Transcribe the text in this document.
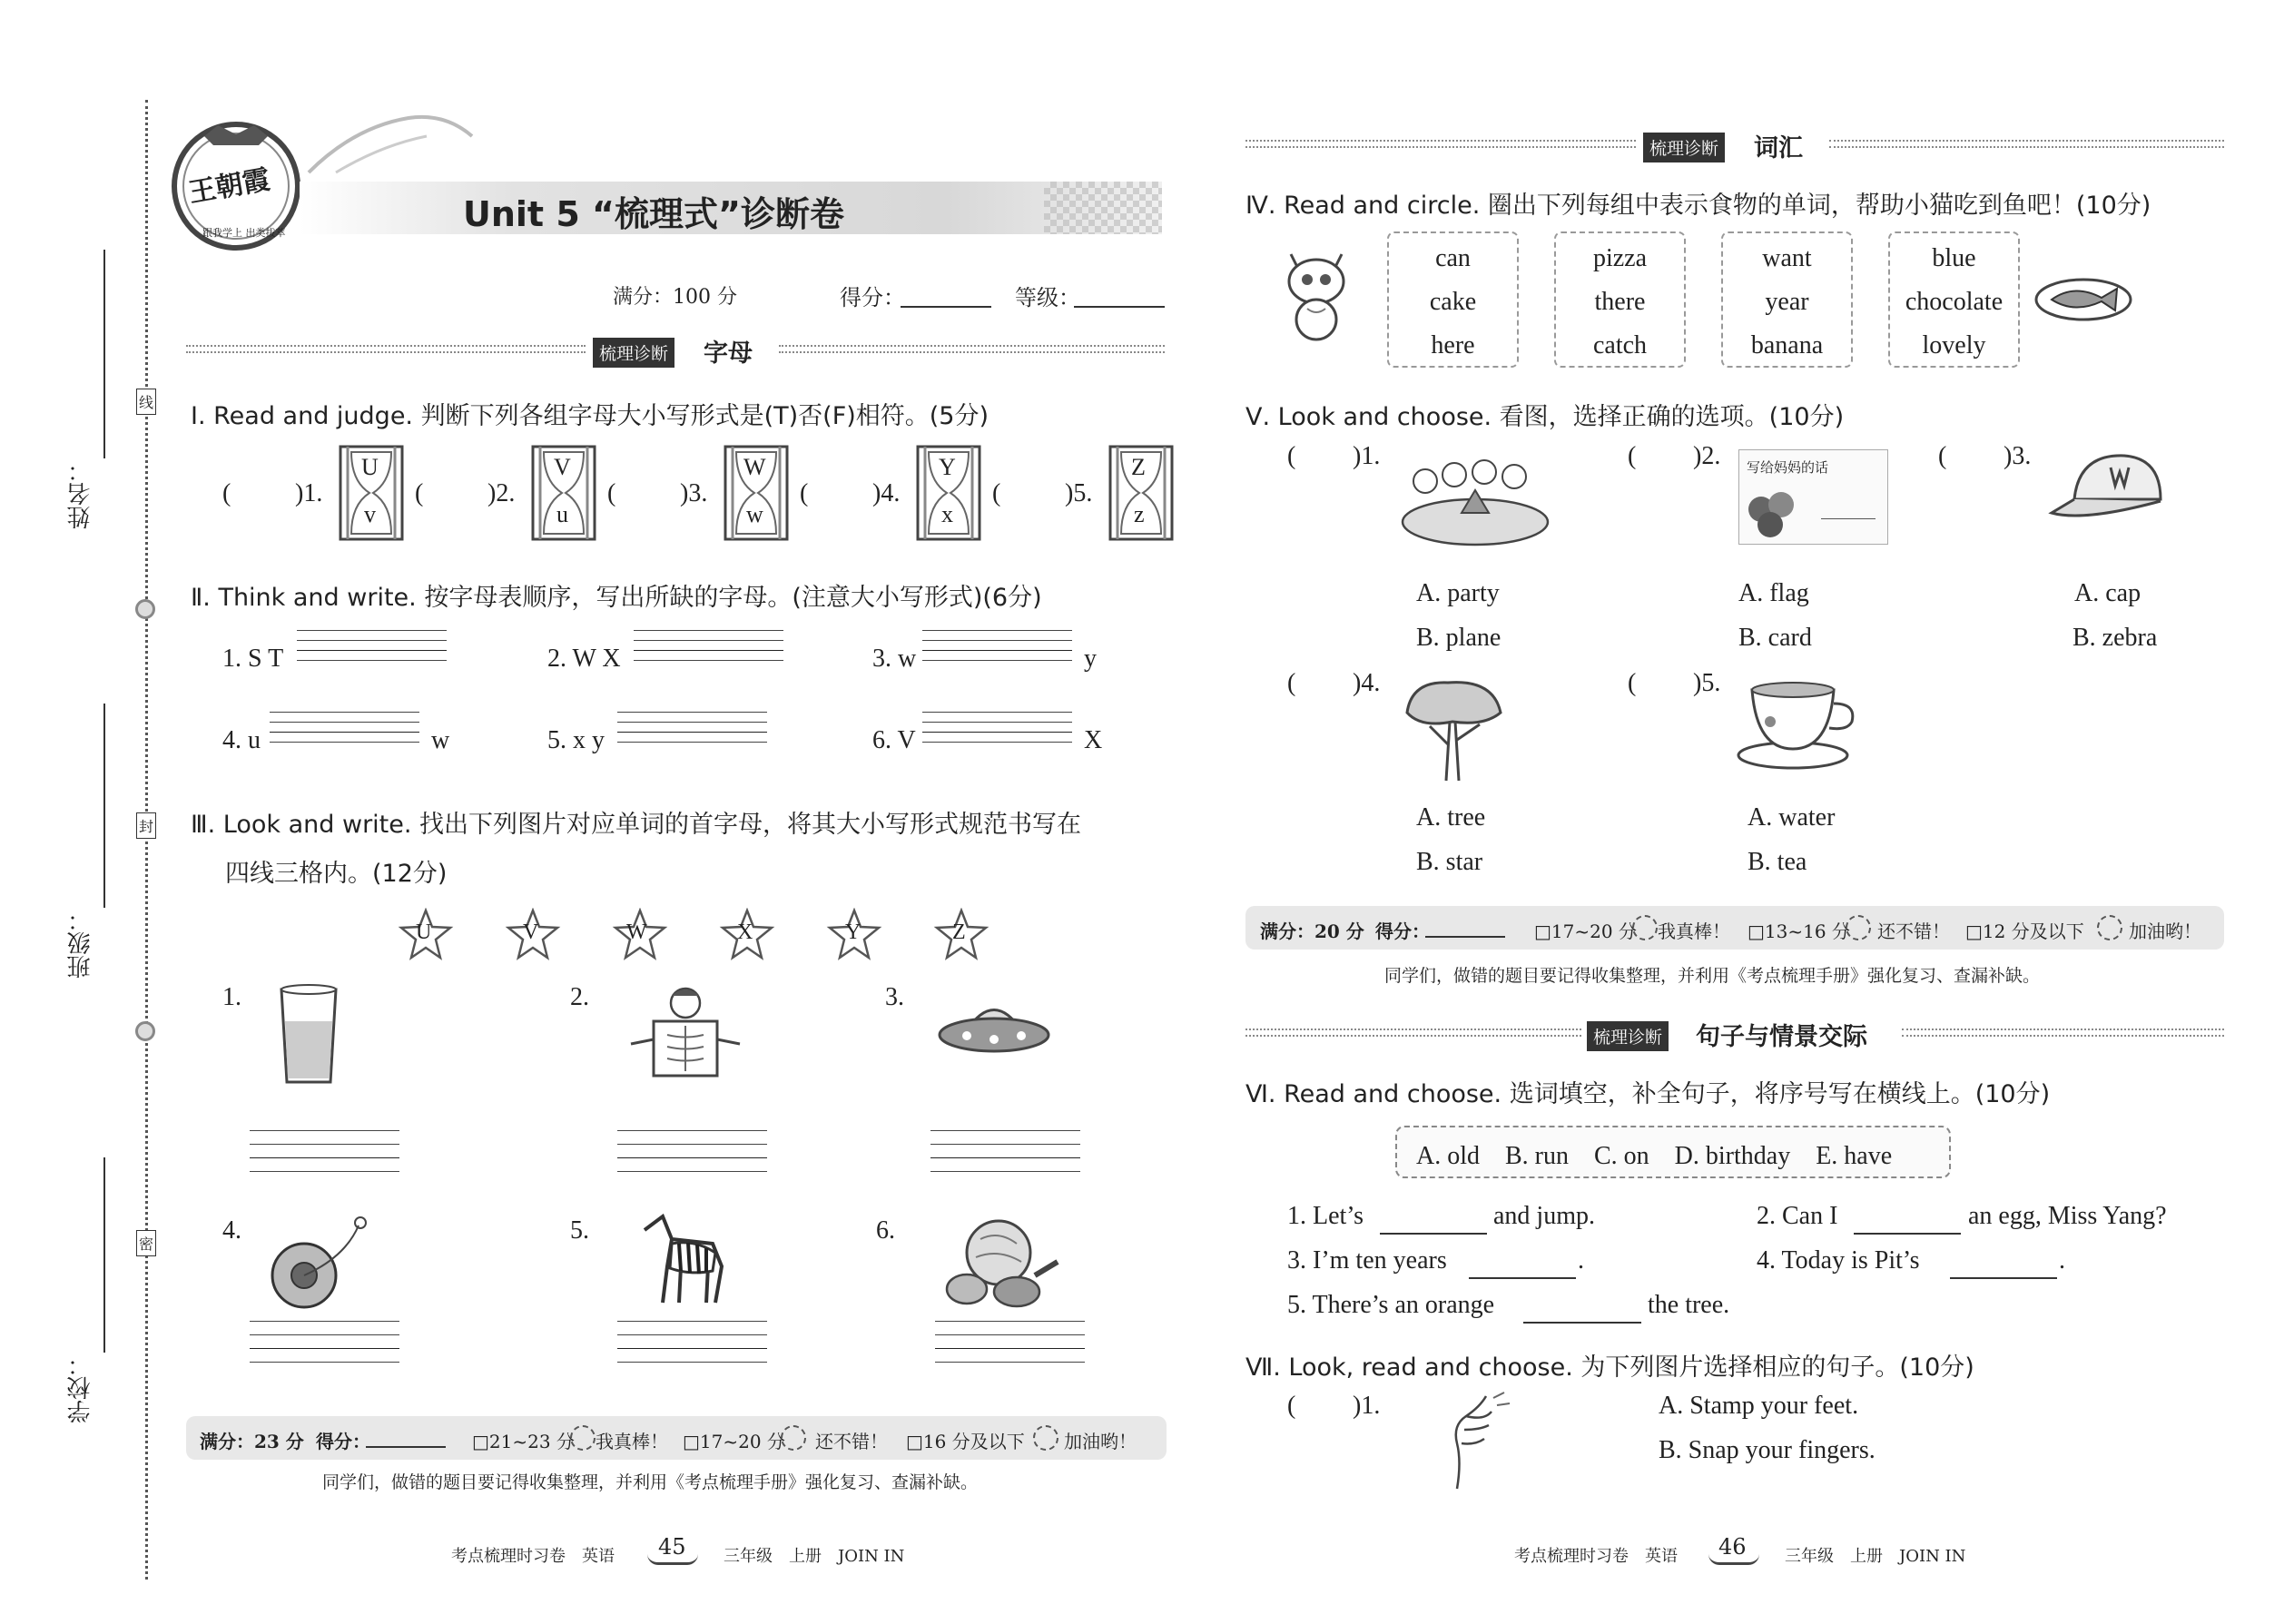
姓名：
班级：
学校：
线
封
密
王朝霞
跟我学上 出类拔萃	Unit 5 “梳理式”诊断卷
满分：100 分	得分：	等级：
梳理诊断 字母
Ⅰ. Read and judge. 判断下列各组字母大小写形式是(T)否(F)相符。(5分)
(	)1.
U
v
(	)2.
V
u
(	)3.
W
w
(	)4.
Y
x
(	)5.
Z
z
Ⅱ. Think and write. 按字母表顺序，写出所缺的字母。(注意大小写形式)(6分)
1. S T	2. W X	3. w	y
4. u	w	5. x y	6. V	X
Ⅲ. Look and write. 找出下列图片对应单词的首字母，将其大小写形式规范书写在
四线三格内。(12分)
U	V	W	X	Y	Z
1.	2.	3.
4.	5.	6.
满分：23 分 得分：	□21~23 分 我真棒！ □17~20 分 还不错！ □16 分及以下 加油哟！
同学们，做错的题目要记得收集整理，并利用《考点梳理手册》强化复习、查漏补缺。
考点梳理时习卷　英语 45 三年级　上册　JOIN IN
梳理诊断 词汇
Ⅳ. Read and circle. 圈出下列每组中表示食物的单词，帮助小猫吃到鱼吧！(10分)
can
cake
here
pizza
there
catch
want
year
banana
blue
chocolate
lovely
Ⅴ. Look and choose. 看图，选择正确的选项。(10分)
( )1.
A. party
B. plane
( )2. 写给妈妈的话
A. flag
B. card
( )3.
A. cap
B. zebra
( )4.
A. tree
B. star
( )5.
A. water
B. tea
满分：20 分 得分：	□17~20 分 我真棒！ □13~16 分 还不错！ □12 分及以下 加油哟！
同学们，做错的题目要记得收集整理，并利用《考点梳理手册》强化复习、查漏补缺。
梳理诊断 句子与情景交际
Ⅵ. Read and choose. 选词填空，补全句子，将序号写在横线上。(10分)
A. old　B. run　C. on　D. birthday　E. have
1. Let’s	and jump.	2. Can I	an egg, Miss Yang?
3. I’m ten years	.	4. Today is Pit’s	.
5. There’s an orange	the tree.
Ⅶ. Look, read and choose. 为下列图片选择相应的句子。(10分)
( )1.	A. Stamp your feet.
B. Snap your fingers.
考点梳理时习卷　英语 46 三年级　上册　JOIN IN
